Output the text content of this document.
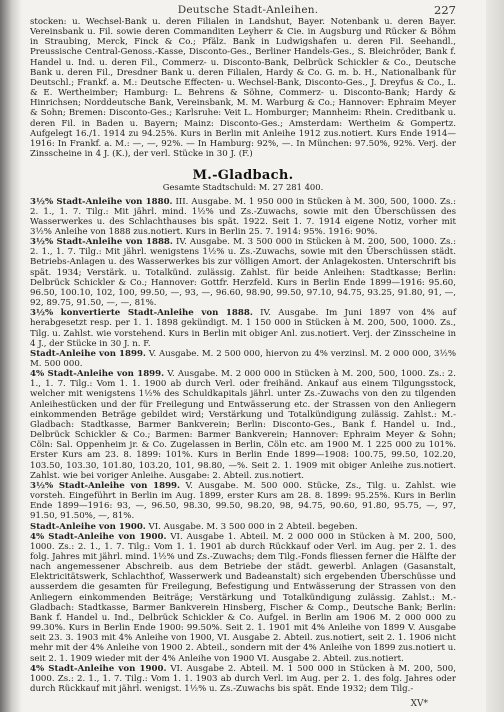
Deutsche Stadt-Anleihen.	227

stocken: u. Wechsel-Bank u. deren Filialen in Landshut, Bayer. Notenbank u. deren Bayer. Vereinsbank u. Fil. sowie deren Commanditen Leyherr & Cie. in Augsburg und Rücker & Böhm in Straubing, Merck, Finck & Co.; Pfälz. Bank in Ludwigshafen u. deren Fil. Seehandl., Preussische Central-Genoss.-Kasse, Disconto-Ges., Berliner Handels-Ges., S. Bleichröder, Bank f. Handel u. Ind. u. deren Fil., Commerz- u. Disconto-Bank, Delbrück Schickler & Co., Deutsche Bank u. deren Fil., Dresdner Bank u. deren Filialen, Hardy & Co. G. m. b. H., Nationalbank für Deutschl.; Frankf. a. M.: Deutsche Effecten- u. Wechsel-Bank, Disconto-Ges., J. Dreyfus & Co., L. & E. Wertheimber; Hamburg: L. Behrens & Söhne, Commerz- u. Disconto-Bank; Hardy & Hinrichsen; Norddeutsche Bank, Vereinsbank, M. M. Warburg & Co.; Hannover: Ephraim Meyer & Sohn; Bremen: Disconto-Ges.; Karlsruhe: Veit L. Homburger; Mannheim: Rhein. Creditbank u. deren Fil. in Baden u. Bayern; Mainz: Disconto-Ges.; Amsterdam: Wertheim & Gompertz. Aufgelegt 16./1. 1914 zu 94.25%. Kurs in Berlin mit Anleihe 1912 zus.notiert. Kurs Ende 1914—1916: In Frankf. a. M.: —, —, 92%. — In Hamburg: 92%, —. In München: 97.50%, 92%. Verj. der Zinsscheine in 4 J. (K.), der verl. Stücke in 30 J. (F.)

M.-Gladbach.
Gesamte Stadtschuld: M. 27 281 400.

3½% Stadt-Anleihe von 1880. III. Ausgabe. M. 1 950 000 in Stücken à M. 300, 500, 1000. Zs.: 2. 1., 1. 7. Tilg.: Mit jährl. mind. 1½% und Zs.-Zuwachs, sowie mit den Überschüssen des Wasserwerkes u. des Schlachthauses bis spät. 1922. Seit 1. 7. 1914 eigene Notiz, vorher mit 3½% Anleihe von 1888 zus.notiert. Kurs in Berlin 25. 7. 1914: 95%. 1916: 90%.

3½% Stadt-Anleihe von 1888. IV. Ausgabe. M. 3 500 000 in Stücken à M. 200, 500, 1000. Zs.: 2. 1., 1. 7. Tilg.: Mit jährl. wenigstens 1½% u. Zs.-Zuwachs, sowie mit den Überschüssen städt. Betriebs-Anlagen u. des Wasserwerkes bis zur völligen Amort. der Anlagekosten. Unterschrift bis spät. 1934; Verstärk. u. Totalkünd. zulässig. Zahlst. für beide Anleihen: Stadtkasse; Berlin: Delbrück Schickler & Co.; Hannover: Gottfr. Herzfeld. Kurs in Berlin Ende 1899—1916: 95.60, 96.50, 100.10, 102, 100, 99.50, —, 93, —, 96.60, 98.90, 99.50, 97.10, 94.75, 93.25, 91.80, 91, —, 92, 89.75, 91.50, —, —, 81%.

3½% konvertierte Stadt-Anleihe von 1888. IV. Ausgabe. Im Juni 1897 von 4% auf herabgesetzt resp. per 1. 1. 1898 gekündigt. M. 1 150 000 in Stücken à M. 200, 500, 1000. Zs., Tilg. u. Zahlst. wie vorstehend. Kurs in Berlin mit obiger Anl. zus.notiert. Verj. der Zinsscheine in 4 J., der Stücke in 30 J. n. F.

Stadt-Anleihe von 1899. V. Ausgabe. M. 2 500 000, hiervon zu 4% verzinsl. M. 2 000 000, 3½% M. 500 000.

4% Stadt-Anleihe von 1899. V. Ausgabe. M. 2 000 000 in Stücken à M. 200, 500, 1000. Zs.: 2. 1., 1. 7. Tilg.: Vom 1. 1. 1900 ab durch Verl. oder freihänd. Ankauf aus einem Tilgungsstock, welcher mit wenigstens 1½% des Schuldkapitals jährl. unter Zs.-Zuwachs von den zu tilgenden Anleihestücken und der für Freilegung und Entwässerung etc. der Strassen von den Anliegern einkommenden Beträge gebildet wird; Verstärkung und Totalkündigung zulässig. Zahlst.: M.-Gladbach: Stadtkasse, Barmer Bankverein; Berlin: Disconto-Ges., Bank f. Handel u. Ind., Delbrück Schickler & Co.; Barmen: Barmer Bankverein; Hannover: Ephraim Meyer & Sohn; Cöln: Sal. Oppenheim jr. & Co. Zugelassen in Berlin, Cöln etc. am 1900 M. 1 225 000 zu 101%. Erster Kurs am 23. 8. 1899: 101%. Kurs in Berlin Ende 1899—1908: 100.75, 99.50, 102.20, 103.50, 103.30, 101.80, 103.20, 101, 98.80, —%. Seit 2. 1. 1909 mit obiger Anleihe zus.notiert. Zahlst. wie bei voriger Anleihe. Ausgabe: 2. Abteil. zus.notiert.

3½% Stadt-Anleihe von 1899. V. Ausgabe. M. 500 000. Stücke, Zs., Tilg. u. Zahlst. wie vorsteh. Eingeführt in Berlin im Aug. 1899, erster Kurs am 28. 8. 1899: 95.25%. Kurs in Berlin Ende 1899—1916: 93, —, 96.50, 98.30, 99.50, 98.20, 98, 94.75, 90.60, 91.80, 95.75, —, 97, 91.50, 91.50%, —, 81%.

Stadt-Anleihe von 1900. VI. Ausgabe. M. 3 500 000 in 2 Abteil. begeben.

4% Stadt-Anleihe von 1900. VI. Ausgabe 1. Abteil. M. 2 000 000 in Stücken à M. 200, 500, 1000. Zs.: 2. 1., 1. 7. Tilg.: Vom 1. 1. 1901 ab durch Rückkauf oder Verl. im Aug. per 2. 1. des folg. Jahres mit jährl. mind. 1½% und Zs.-Zuwachs; dem Tilg.-Fonds fliessen ferner die Hälfte der nach angemessener Abschreib. aus dem Betriebe der städt. gewerbl. Anlagen (Gasanstalt, Elektricitätswerk, Schlachthof, Wasserwerk und Badeanstalt) sich ergebenden Überschüsse und ausserdem die gesamten für Freilegung, Befestigung und Entwässerung der Strassen von den Anliegern einkommenden Beiträge; Verstärkung und Totalkündigung zulässig. Zahlst.: M.-Gladbach: Stadtkasse, Barmer Bankverein Hinsberg, Fischer & Comp., Deutsche Bank; Berlin: Bank f. Handel u. Ind., Delbrück Schickler & Co. Aufgel. in Berlin am 1906 M. 2 000 000 zu 99.30%. Kurs in Berlin Ende 1900: 99.50%. Seit 2. 1. 1901 mit 4% Anleihe von 1899 V. Ausgabe seit 23. 3. 1903 mit 4% Anleihe von 1900, VI. Ausgabe 2. Abteil. zus.notiert, seit 2. 1. 1906 nicht mehr mit der 4% Anleihe von 1900 2. Abteil., sondern mit der 4% Anleihe von 1899 zus.notiert u. seit 2. 1. 1909 wieder mit der 4% Anleihe von 1900 VI. Ausgabe 2. Abteil. zus.notiert.

4% Stadt-Anleihe von 1900. VI. Ausgabe 2. Abteil. M. 1 500 000 in Stücken à M. 200, 500, 1000. Zs.: 2. 1., 1. 7. Tilg.: Vom 1. 1. 1903 ab durch Verl. im Aug. per 2. 1. des folg. Jahres oder durch Rückkauf mit jährl. wenigst. 1½% u. Zs.-Zuwachs bis spät. Ende 1932; dem Tilg.-

XV*
